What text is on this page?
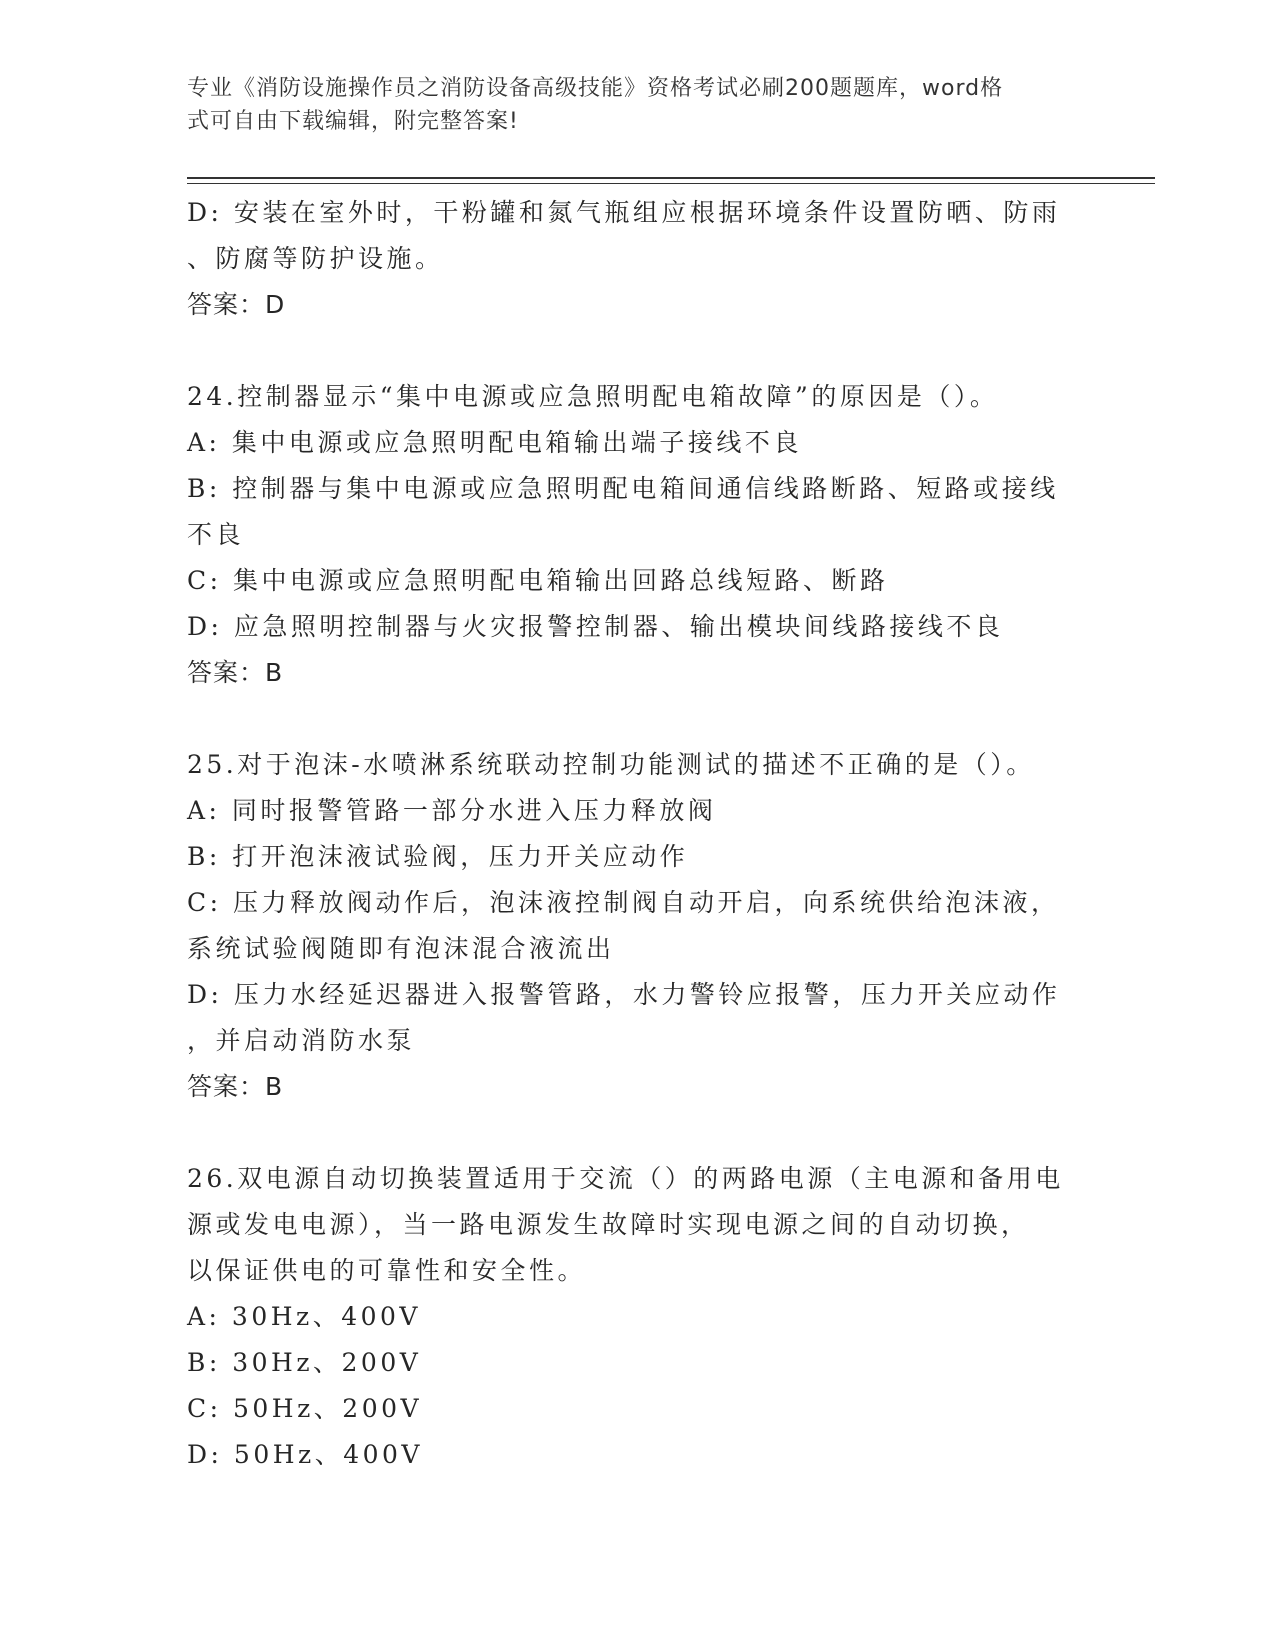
专业《消防设施操作员之消防设备高级技能》资格考试必刷200题题库，word格
式可自由下载编辑，附完整答案!
D: 安装在室外时，干粉罐和氮气瓶组应根据环境条件设置防晒、防雨
、防腐等防护设施。
答案：D
24.控制器显示“集中电源或应急照明配电箱故障”的原因是（）。
A: 集中电源或应急照明配电箱输出端子接线不良
B: 控制器与集中电源或应急照明配电箱间通信线路断路、短路或接线
不良
C: 集中电源或应急照明配电箱输出回路总线短路、断路
D: 应急照明控制器与火灾报警控制器、输出模块间线路接线不良
答案：B
25.对于泡沫-水喷淋系统联动控制功能测试的描述不正确的是（）。
A: 同时报警管路一部分水进入压力释放阀
B: 打开泡沫液试验阀，压力开关应动作
C: 压力释放阀动作后，泡沫液控制阀自动开启，向系统供给泡沫液，
系统试验阀随即有泡沫混合液流出
D: 压力水经延迟器进入报警管路，水力警铃应报警，压力开关应动作
，并启动消防水泵
答案：B
26.双电源自动切换装置适用于交流（）的两路电源（主电源和备用电
源或发电电源），当一路电源发生故障时实现电源之间的自动切换，
以保证供电的可靠性和安全性。
A: 30Hz、400V
B: 30Hz、200V
C: 50Hz、200V
D: 50Hz、400V
